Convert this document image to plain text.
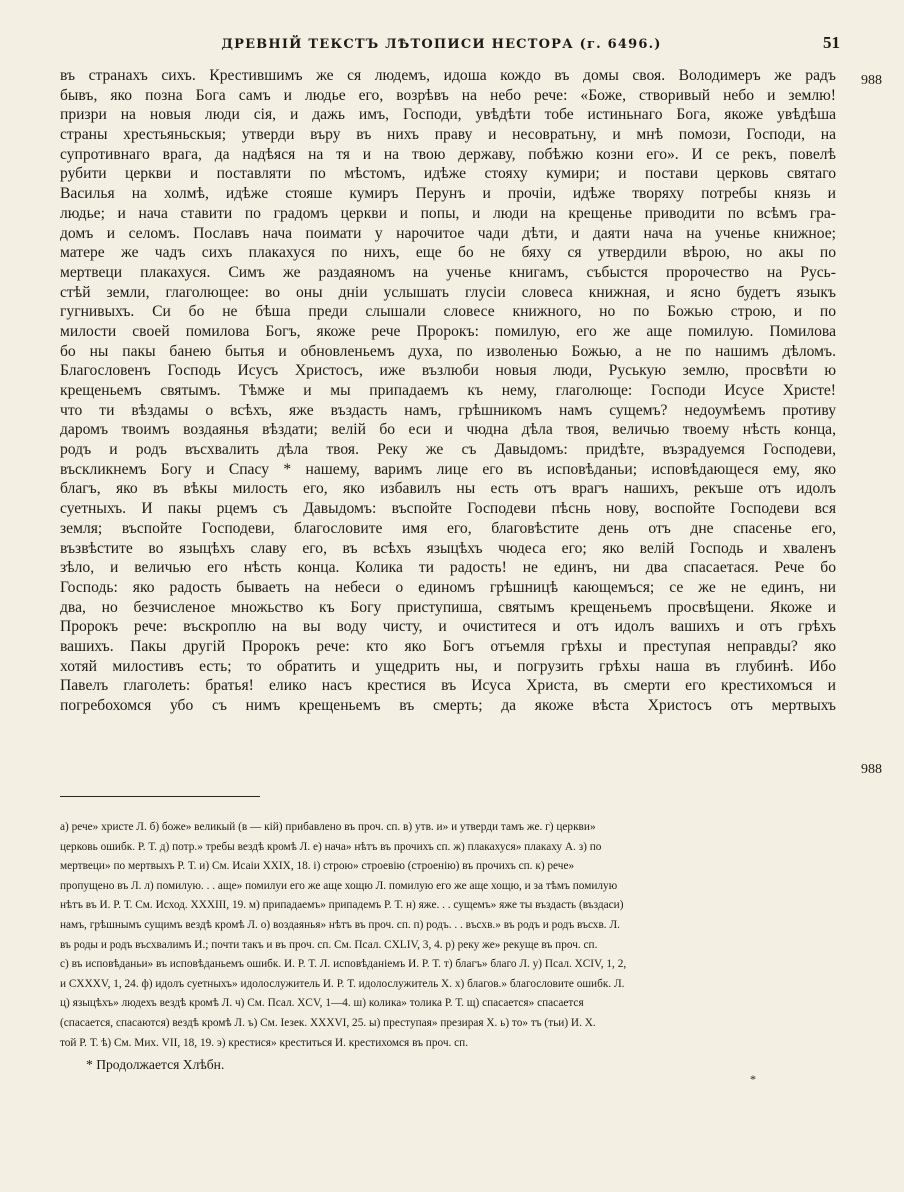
ДРЕВНІЙ ТЕКСТЪ ЛѢТОПИСИ НЕСТОРА (г. 6496.)	51
988
988
въ странахъ сихъ. Крестившимъ же ся людемъ, идоша кождо въ домы своя. Володимеръ же радъ
бывъ, яко позна Бога самъ и людье его, возрѣвъ на небо рече: «Боже, створивый небо и землю!
призри на новыя люди сія, и дажь имъ, Господи, увѣдѣти тобе истиньнаго Бога, якоже увѣдѣша
страны хрестьяньскыя; утверди въру въ нихъ праву и несовратьну, и мнѣ помози, Господи, на
супротивнаго врага, да надѣяся на тя и на твою державу, побѣжю козни его». И се рекъ, повелѣ
рубити церкви и поставляти по мѣстомъ, идѣже стояху кумири; и постави церковь святаго
Василья на холмѣ, идѣже стояше кумиръ Перунъ и прочіи, идѣже творяху потребы князь и
людье; и нача ставити по градомъ церкви и попы, и люди на крещенье приводити по всѣмъ гра-
домъ и селомъ. Пославъ нача поимати у нарочитое чади дѣти, и даяти нача на ученье книжное;
матере же чадъ сихъ плакахуся по нихъ, еще бо не бяху ся утвердили вѣрою, но акы по
мертвеци плакахуся. Симъ же раздаяномъ на ученье книгамъ, събыстся пророчество на Русь-
стѣй земли, глаголющее: во оны дніи услышать глусіи словеса книжная, и ясно будетъ языкъ
гугнивыхъ. Си бо не бѣша преди слышали словесе книжного, но по Божью строю, и по
милости своей помилова Богъ, якоже рече Пророкъ: помилую, его же аще помилую. Помилова
бо ны пакы банею бытья и обновленьемъ духа, по изволенью Божью, а не по нашимъ дѣломъ.
Благословенъ Господь Исусъ Христосъ, иже възлюби новыя люди, Руськую землю, просвѣти ю
крещеньемъ святымъ. Тѣмже и мы припадаемъ къ нему, глаголюще: Господи Исусе Христе!
что ти вѣздамы о всѣхъ, яже въздасть намъ, грѣшникомъ намъ сущемъ? недоумѣемъ противу
даромъ твоимъ воздаянья вѣздати; велій бо еси и чюдна дѣла твоя, величью твоему нѣсть конца,
родъ и родъ въсхвалить дѣла твоя. Реку же съ Давыдомъ: придѣте, възрадуемся Господеви,
въскликнемъ Богу и Спасу * нашему, варимъ лице его въ исповѣданьи; исповѣдающеся ему, яко
благъ, яко въ вѣкы милость его, яко избавилъ ны есть отъ врагъ нашихъ, рекъше отъ идолъ
суетныхъ. И пакы рцемъ съ Давыдомъ: въспойте Господеви пѣснь нову, воспойте Господеви вся
земля; въспойте Господеви, благословите имя его, благовѣстите день отъ дне спасенье его,
възвѣстите во языцѣхъ славу его, въ всѣхъ языцѣхъ чюдеса его; яко велій Господь и хваленъ
зѣло, и величью его нѣсть конца. Колика ти радость! не единъ, ни два спасаетася. Рече бо
Господь: яко радость бываеть на небеси о единомъ грѣшницѣ кающемъся; се же не единъ, ни
два, но безчисленое множьство къ Богу приступиша, святымъ крещеньемъ просвѣщени. Якоже и
Пророкъ рече: въскроплю на вы воду чисту, и очиститеся и отъ идолъ вашихъ и отъ грѣхъ
вашихъ. Пакы другій Пророкъ рече: кто яко Богъ отъемля грѣхы и преступая неправды? яко
хотяй милостивъ есть; то обратить и ущедрить ны, и погрузить грѣхы наша въ глубинѣ. Ибо
Павелъ глаголеть: братья! елико насъ крестися въ Исуса Христа, въ смерти его крестихомъся и
погребохомся убо съ нимъ крещеньемъ въ смерть; да якоже вѣста Христосъ отъ мертвыхъ
а) рече» христе Л. б) боже» великый (в — кій) прибавлено въ проч. сп. в) утв. и» и утверди тамъ же. г) церкви»
церковь ошибк. Р. Т. д) потр.» требы вездѣ кромѣ Л. е) нача» нѣтъ въ прочихъ сп. ж) плакахуся» плакаху А. з) по
мертвеци» по мертвыхъ Р. Т. и) См. Исаіи XXIX, 18. і) строю» строевію (строенію) въ прочихъ сп. к) рече»
пропущено въ Л. л) помилую. . . аще» помилуи его же аще хощю Л. помилую его же аще хощю, и за тѣмъ помилую
нѣтъ въ И. Р. Т. См. Исход. XXXIII, 19. м) припадаемъ» припадемъ Р. Т. н) яже. . . сущемъ» яже ты въздасть (въздаси)
намъ, грѣшнымъ сущимъ вездѣ кромѣ Л. о) воздаянья» нѣтъ въ проч. сп. п) родъ. . . въсхв.» въ родъ и родъ въсхв. Л.
въ роды и родъ въсхвалимъ И.; почти такъ и въ проч. сп. См. Псал. CXLIV, 3, 4. р) реку же» рекуще въ проч. сп.
с) въ исповѣданьи» въ исповѣданьемъ ошибк. И. Р. Т. Л. исповѣданіемъ И. Р. Т. т) благъ» благо Л. у) Псал. XCIV, 1, 2,
и CXXXV, 1, 24. ф) идолъ суетныхъ» идолослужитель И. Р. Т. идолослужитель Х. х) благов.» благословите ошибк. Л.
ц) языцѣхъ» людехъ вездѣ кромѣ Л. ч) См. Псал. XCV, 1—4. ш) колика» толика Р. Т. щ) спасается» спасается
(спасается, спасаются) вездѣ кромѣ Л. ъ) См. Iезек. XXXVI, 25. ы) преступая» презирая Х. ь) то» тъ (тьи) И. Х.
той Р. Т. ѣ) См. Мих. VII, 18, 19. э) крестися» креститься И. крестихомся въ проч. сп.
* Продолжается Хлѣбн.
*
